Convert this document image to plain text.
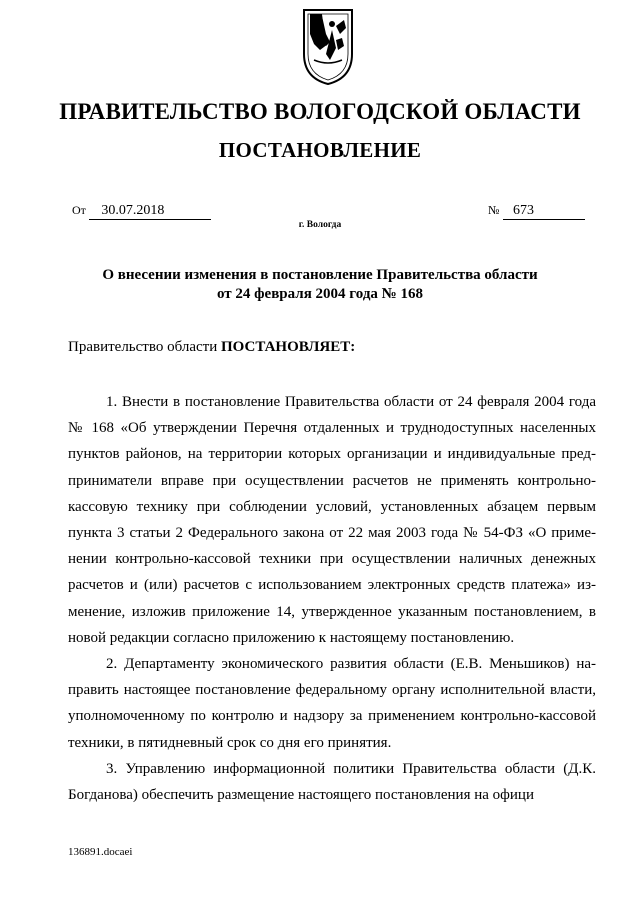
ПРАВИТЕЛЬСТВО ВОЛОГОДСКОЙ ОБЛАСТИ
ПОСТАНОВЛЕНИЕ
От 30.07.2018	№ 673
г. Вологда
О внесении изменения в постановление Правительства области
от 24 февраля 2004 года № 168

Правительство области ПОСТАНОВЛЯЕТ:

1. Внести в постановление Правительства области от 24 февраля 2004 года № 168 «Об утверждении Перечня отдаленных и труднодоступных населенных пунктов районов, на территории которых организации и индивидуальные предприниматели вправе при осуществлении расчетов не применять контрольно-кассовую технику при соблюдении условий, установленных абзацем первым пункта 3 статьи 2 Федерального закона от 22 мая 2003 года № 54-ФЗ «О применении контрольно-кассовой техники при осуществлении наличных денежных расчетов и (или) расчетов с использованием электронных средств платежа» изменение, изложив приложение 14, утвержденное указанным постановлением, в новой редакции согласно приложению к настоящему постановлению.

2. Департаменту экономического развития области (Е.В. Меньшиков) направить настоящее постановление федеральному органу исполнительной власти, уполномоченному по контролю и надзору за применением контрольно-кассовой техники, в пятидневный срок со дня его принятия.

3. Управлению информационной политики Правительства области (Д.К. Богданова) обеспечить размещение настоящего постановления на офици

136891.docaei
